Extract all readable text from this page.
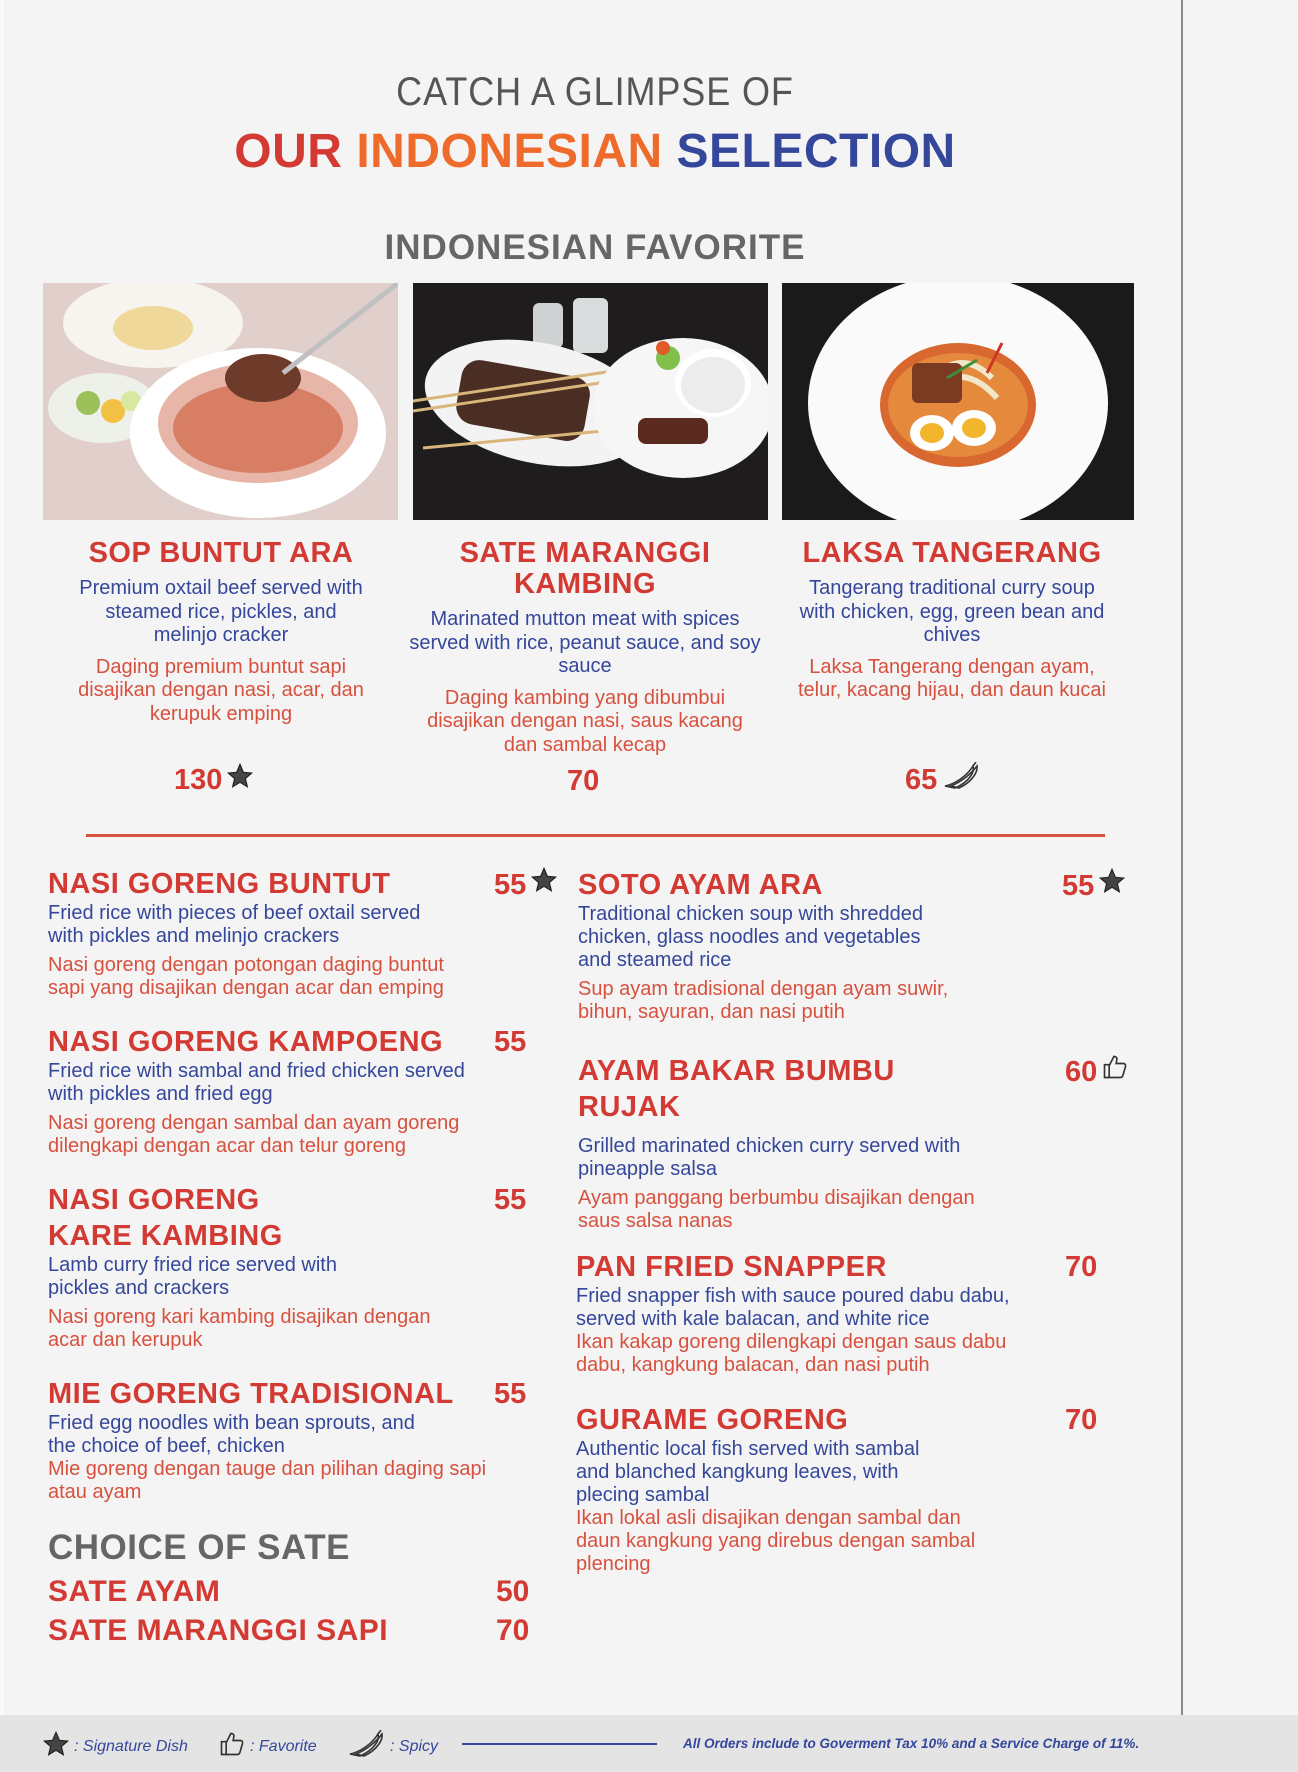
CATCH A GLIMPSE OF
OUR INDONESIAN SELECTION
INDONESIAN FAVORITE
SOP BUNTUT ARA
Premium oxtail beef served with steamed rice, pickles, and melinjo cracker
Daging premium buntut sapi disajikan dengan nasi, acar, dan kerupuk emping
130
SATE MARANGGI KAMBING
Marinated mutton meat with spices served with rice, peanut sauce, and soy sauce
Daging kambing yang dibumbui disajikan dengan nasi, saus kacang dan sambal kecap
70
LAKSA TANGERANG
Tangerang traditional curry soup with chicken, egg, green bean and chives
Laksa Tangerang dengan ayam, telur, kacang hijau, dan daun kucai
65
NASI GORENG BUNTUT
Fried rice with pieces of beef oxtail served with pickles and melinjo crackers
Nasi goreng dengan potongan daging buntut sapi yang disajikan dengan acar dan emping
55
NASI GORENG KAMPOENG
Fried rice with sambal and fried chicken served with pickles and fried egg
Nasi goreng dengan sambal dan ayam goreng dilengkapi dengan acar dan telur goreng
55
NASI GORENG KARE KAMBING
Lamb curry fried rice served with pickles and crackers
Nasi goreng kari kambing disajikan dengan acar dan kerupuk
55
MIE GORENG TRADISIONAL
Fried egg noodles with bean sprouts, and the choice of beef, chicken
Mie goreng dengan tauge dan pilihan daging sapi atau ayam
55
CHOICE OF SATE
SATE AYAM	50
SATE MARANGGI SAPI	70
SOTO AYAM ARA
Traditional chicken soup with shredded chicken, glass noodles and vegetables and steamed rice
Sup ayam tradisional dengan ayam suwir, bihun, sayuran, dan nasi putih
55
AYAM BAKAR BUMBU RUJAK
Grilled marinated chicken curry served with pineapple salsa
Ayam panggang berbumbu disajikan dengan saus salsa nanas
60
PAN FRIED SNAPPER
Fried snapper fish with sauce poured dabu dabu, served with kale balacan, and white rice
Ikan kakap goreng dilengkapi dengan saus dabu dabu, kangkung balacan, dan nasi putih
70
GURAME GORENG
Authentic local fish served with sambal and blanched kangkung leaves, with plecing sambal
Ikan lokal asli disajikan dengan sambal dan daun kangkung yang direbus dengan sambal plencing
70
: Signature Dish	: Favorite	: Spicy	All Orders include to Goverment Tax 10% and a Service Charge of 11%.
